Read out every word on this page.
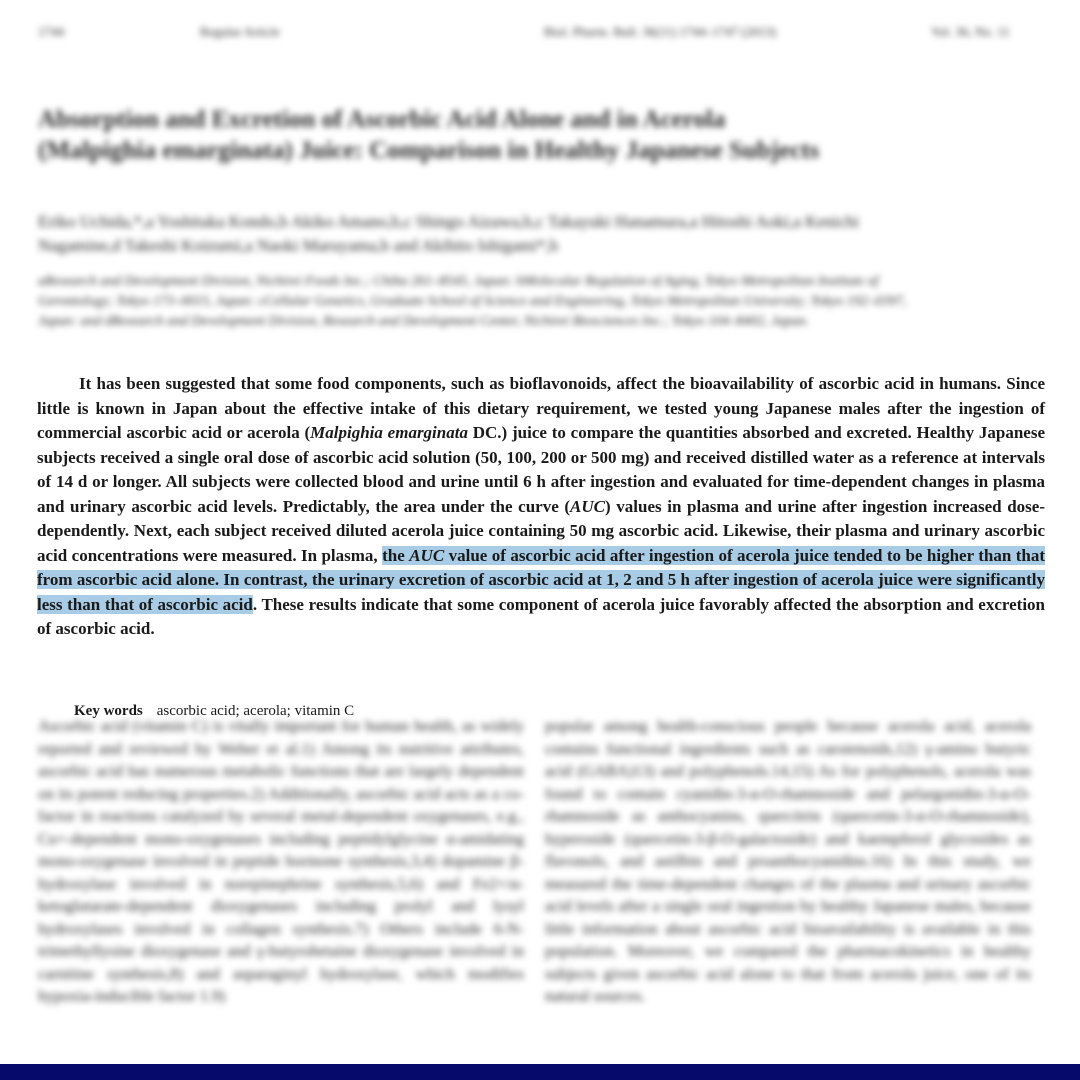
1744	Regular Article	Biol. Pharm. Bull. 36(11) 1744–1747 (2013)	Vol. 36, No. 11
Absorption and Excretion of Ascorbic Acid Alone and in Acerola (Malpighia emarginata) Juice: Comparison in Healthy Japanese Subjects
Eriko Uchida,*,a Yoshitaka Kondo,b Akiko Amano,b,c Shingo Aizawa,b,c Takayuki Hanamura,a Hitoshi Aoki,a Kenichi Nagamine,d Takeshi Koizumi,a Naoki Maruyama,b and Akihito Ishigami*,b
aResearch and Development Division, Nichirei Foods Inc.; Chiba 261–8545, Japan: bMolecular Regulation of Aging, Tokyo Metropolitan Institute of Gerontology; Tokyo 173–0015, Japan: cCellular Genetics, Graduate School of Science and Engineering, Tokyo Metropolitan University; Tokyo 192–0397, Japan: and dResearch and Development Division, Research and Development Center, Nichirei Biosciences Inc.; Tokyo 104–8402, Japan.
It has been suggested that some food components, such as bioflavonoids, affect the bioavailability of ascorbic acid in humans. Since little is known in Japan about the effective intake of this dietary requirement, we tested young Japanese males after the ingestion of commercial ascorbic acid or acerola (Malpighia emarginata DC.) juice to compare the quantities absorbed and excreted. Healthy Japanese subjects received a single oral dose of ascorbic acid solution (50, 100, 200 or 500 mg) and received distilled water as a reference at intervals of 14 d or longer. All subjects were collected blood and urine until 6 h after ingestion and evaluated for time-dependent changes in plasma and urinary ascorbic acid levels. Predictably, the area under the curve (AUC) values in plasma and urine after ingestion increased dose-dependently. Next, each subject received diluted acerola juice containing 50 mg ascorbic acid. Likewise, their plasma and urinary ascorbic acid concentrations were measured. In plasma, the AUC value of ascorbic acid after ingestion of acerola juice tended to be higher than that from ascorbic acid alone. In contrast, the urinary excretion of ascorbic acid at 1, 2 and 5 h after ingestion of acerola juice were significantly less than that of ascorbic acid. These results indicate that some component of acerola juice favorably affected the absorption and excretion of ascorbic acid.
Key words ascorbic acid; acerola; vitamin C
Ascorbic acid (vitamin C) is vitally important for human health, as widely reported and reviewed by Weber et al.1) Among its nutritive attributes, ascorbic acid has numerous metabolic functions that are largely dependent on its potent reducing properties.2) Additionally, ascorbic acid acts as a co-factor in reactions catalyzed by several metal-dependent oxygenases, e.g., Cu+-dependent mono-oxygenases including peptidylglycine α-amidating mono-oxygenase involved in peptide hormone synthesis,3,4) dopamine β-hydroxylase involved in norepinephrine synthesis,5,6) and Fe2+/α-ketoglutarate-dependent dioxygenases including prolyl and lysyl hydroxylases involved in collagen synthesis.7) Others include 6-N-trimethyllysine dioxygenase and γ-butyrobetaine dioxygenase involved in carnitine synthesis,8) and asparaginyl hydroxylase, which modifies hypoxia-inducible factor 1.9)
popular among health-conscious people because acerola acid, acerola contains functional ingredients such as carotenoids,12) γ-amino butyric acid (GABA)13) and polyphenols.14,15) As for polyphenols, acerola was found to contain cyanidin-3-α-O-rhamnoside and pelargonidin-3-α-O-rhamnoside as anthocyanins, quercitrin (quercetin-3-α-O-rhamnoside), hyperoside (quercetin-3-β-O-galactoside) and kaempferol glycosides as flavonols, and astilbin and proanthocyanidins.16) In this study, we measured the time-dependent changes of the plasma and urinary ascorbic acid levels after a single oral ingestion by healthy Japanese males, because little information about ascorbic acid bioavailability is available in this population. Moreover, we compared the pharmacokinetics in healthy subjects given ascorbic acid alone to that from acerola juice, one of its natural sources.
